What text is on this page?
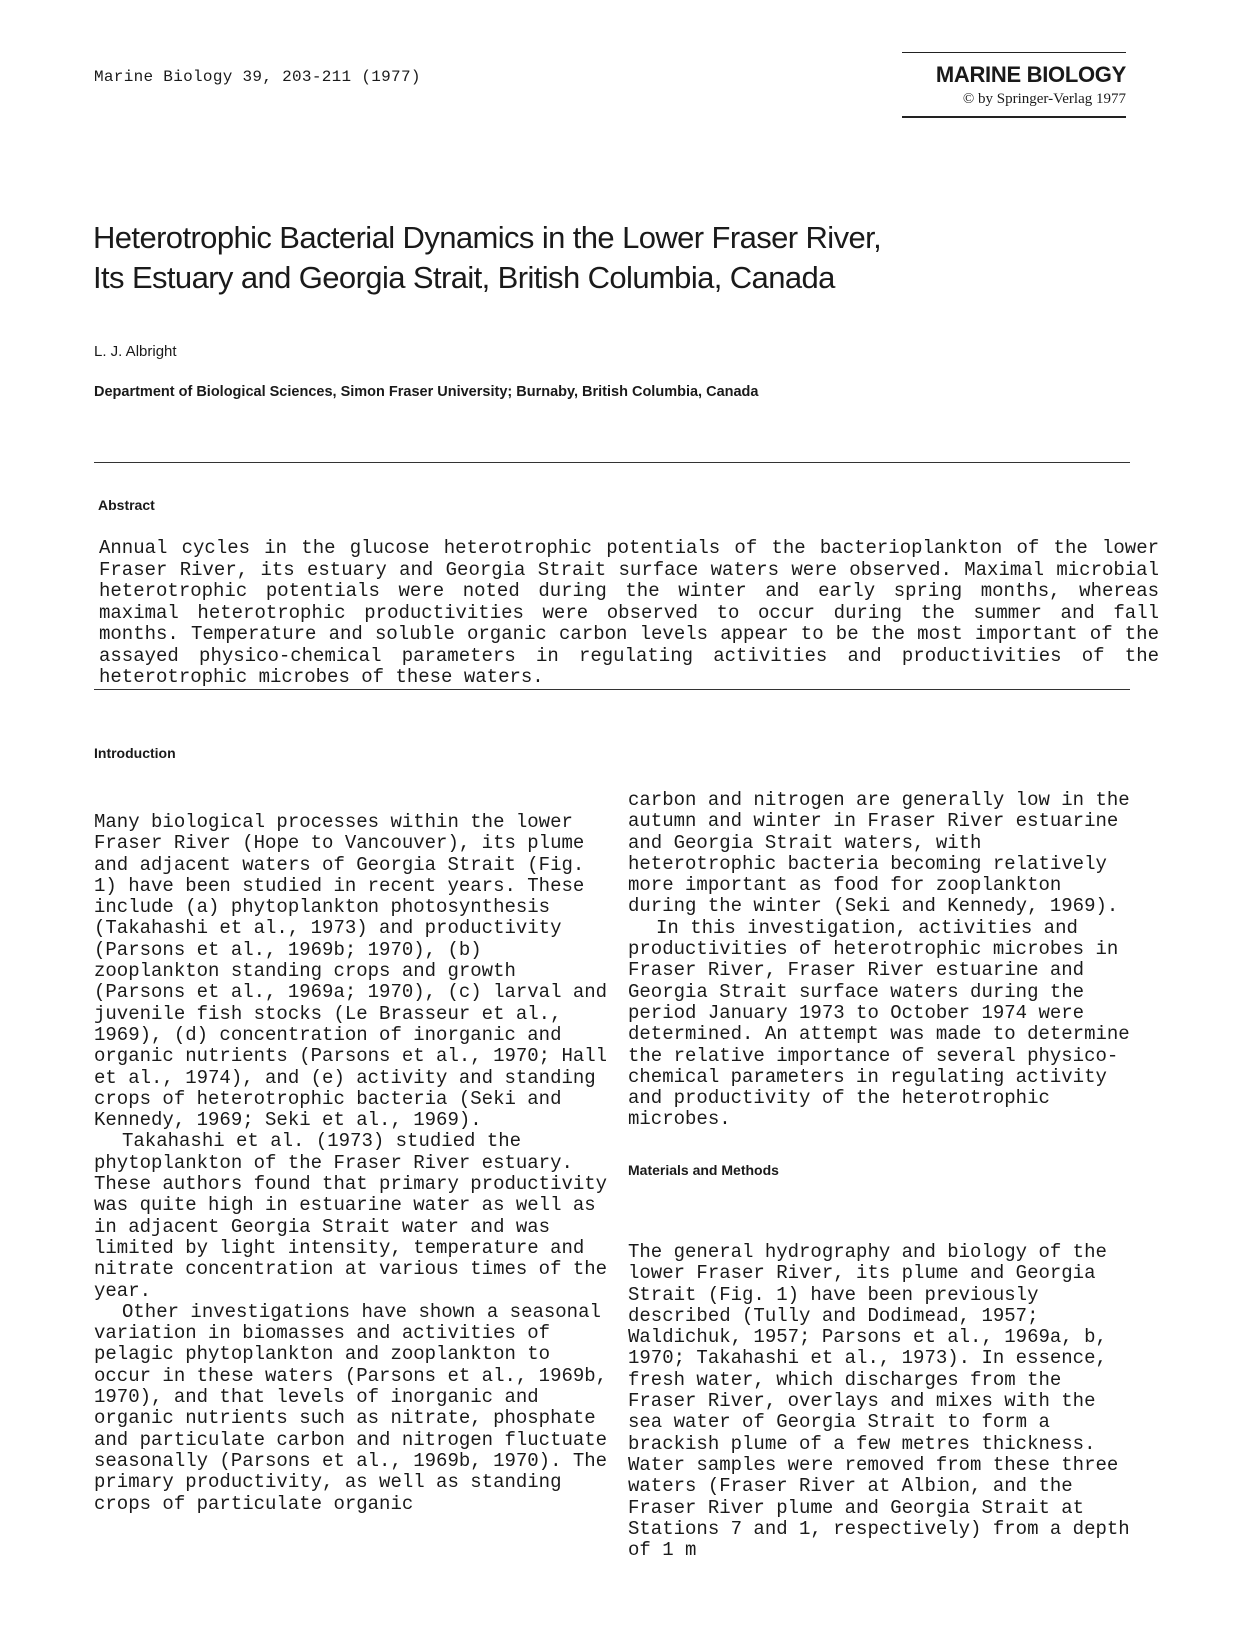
Marine Biology 39, 203-211 (1977)	MARINE BIOLOGY
© by Springer-Verlag 1977
Heterotrophic Bacterial Dynamics in the Lower Fraser River,
Its Estuary and Georgia Strait, British Columbia, Canada
L. J. Albright
Department of Biological Sciences, Simon Fraser University; Burnaby, British Columbia, Canada
Abstract
Annual cycles in the glucose heterotrophic potentials of the bacterioplankton of the lower Fraser River, its estuary and Georgia Strait surface waters were observed. Maximal microbial heterotrophic potentials were noted during the winter and early spring months, whereas maximal heterotrophic productivities were observed to occur during the summer and fall months. Temperature and soluble organic carbon levels appear to be the most important of the assayed physico-chemical parameters in regulating activities and productivities of the heterotrophic microbes of these waters.
Introduction

Many biological processes within the lower Fraser River (Hope to Vancouver), its plume and adjacent waters of Georgia Strait (Fig. 1) have been studied in recent years. These include (a) phytoplankton photosynthesis (Takahashi et al., 1973) and productivity (Parsons et al., 1969b; 1970), (b) zooplankton standing crops and growth (Parsons et al., 1969a; 1970), (c) larval and juvenile fish stocks (Le Brasseur et al., 1969), (d) concentration of inorganic and organic nutrients (Parsons et al., 1970; Hall et al., 1974), and (e) activity and standing crops of heterotrophic bacteria (Seki and Kennedy, 1969; Seki et al., 1969).

Takahashi et al. (1973) studied the phytoplankton of the Fraser River estuary. These authors found that primary productivity was quite high in estuarine water as well as in adjacent Georgia Strait water and was limited by light intensity, temperature and nitrate concentration at various times of the year.

Other investigations have shown a seasonal variation in biomasses and activities of pelagic phytoplankton and zooplankton to occur in these waters (Parsons et al., 1969b, 1970), and that levels of inorganic and organic nutrients such as nitrate, phosphate and particulate carbon and nitrogen fluctuate seasonally (Parsons et al., 1969b, 1970). The primary productivity, as well as standing crops of particulate organic

carbon and nitrogen are generally low in the autumn and winter in Fraser River estuarine and Georgia Strait waters, with heterotrophic bacteria becoming relatively more important as food for zooplankton during the winter (Seki and Kennedy, 1969).

In this investigation, activities and productivities of heterotrophic microbes in Fraser River, Fraser River estuarine and Georgia Strait surface waters during the period January 1973 to October 1974 were determined. An attempt was made to determine the relative importance of several physico-chemical parameters in regulating activity and productivity of the heterotrophic microbes.

Materials and Methods

The general hydrography and biology of the lower Fraser River, its plume and Georgia Strait (Fig. 1) have been previously described (Tully and Dodimead, 1957; Waldichuk, 1957; Parsons et al., 1969a, b, 1970; Takahashi et al., 1973). In essence, fresh water, which discharges from the Fraser River, overlays and mixes with the sea water of Georgia Strait to form a brackish plume of a few metres thickness. Water samples were removed from these three waters (Fraser River at Albion, and the Fraser River plume and Georgia Strait at Stations 7 and 1, respectively) from a depth of 1 m
